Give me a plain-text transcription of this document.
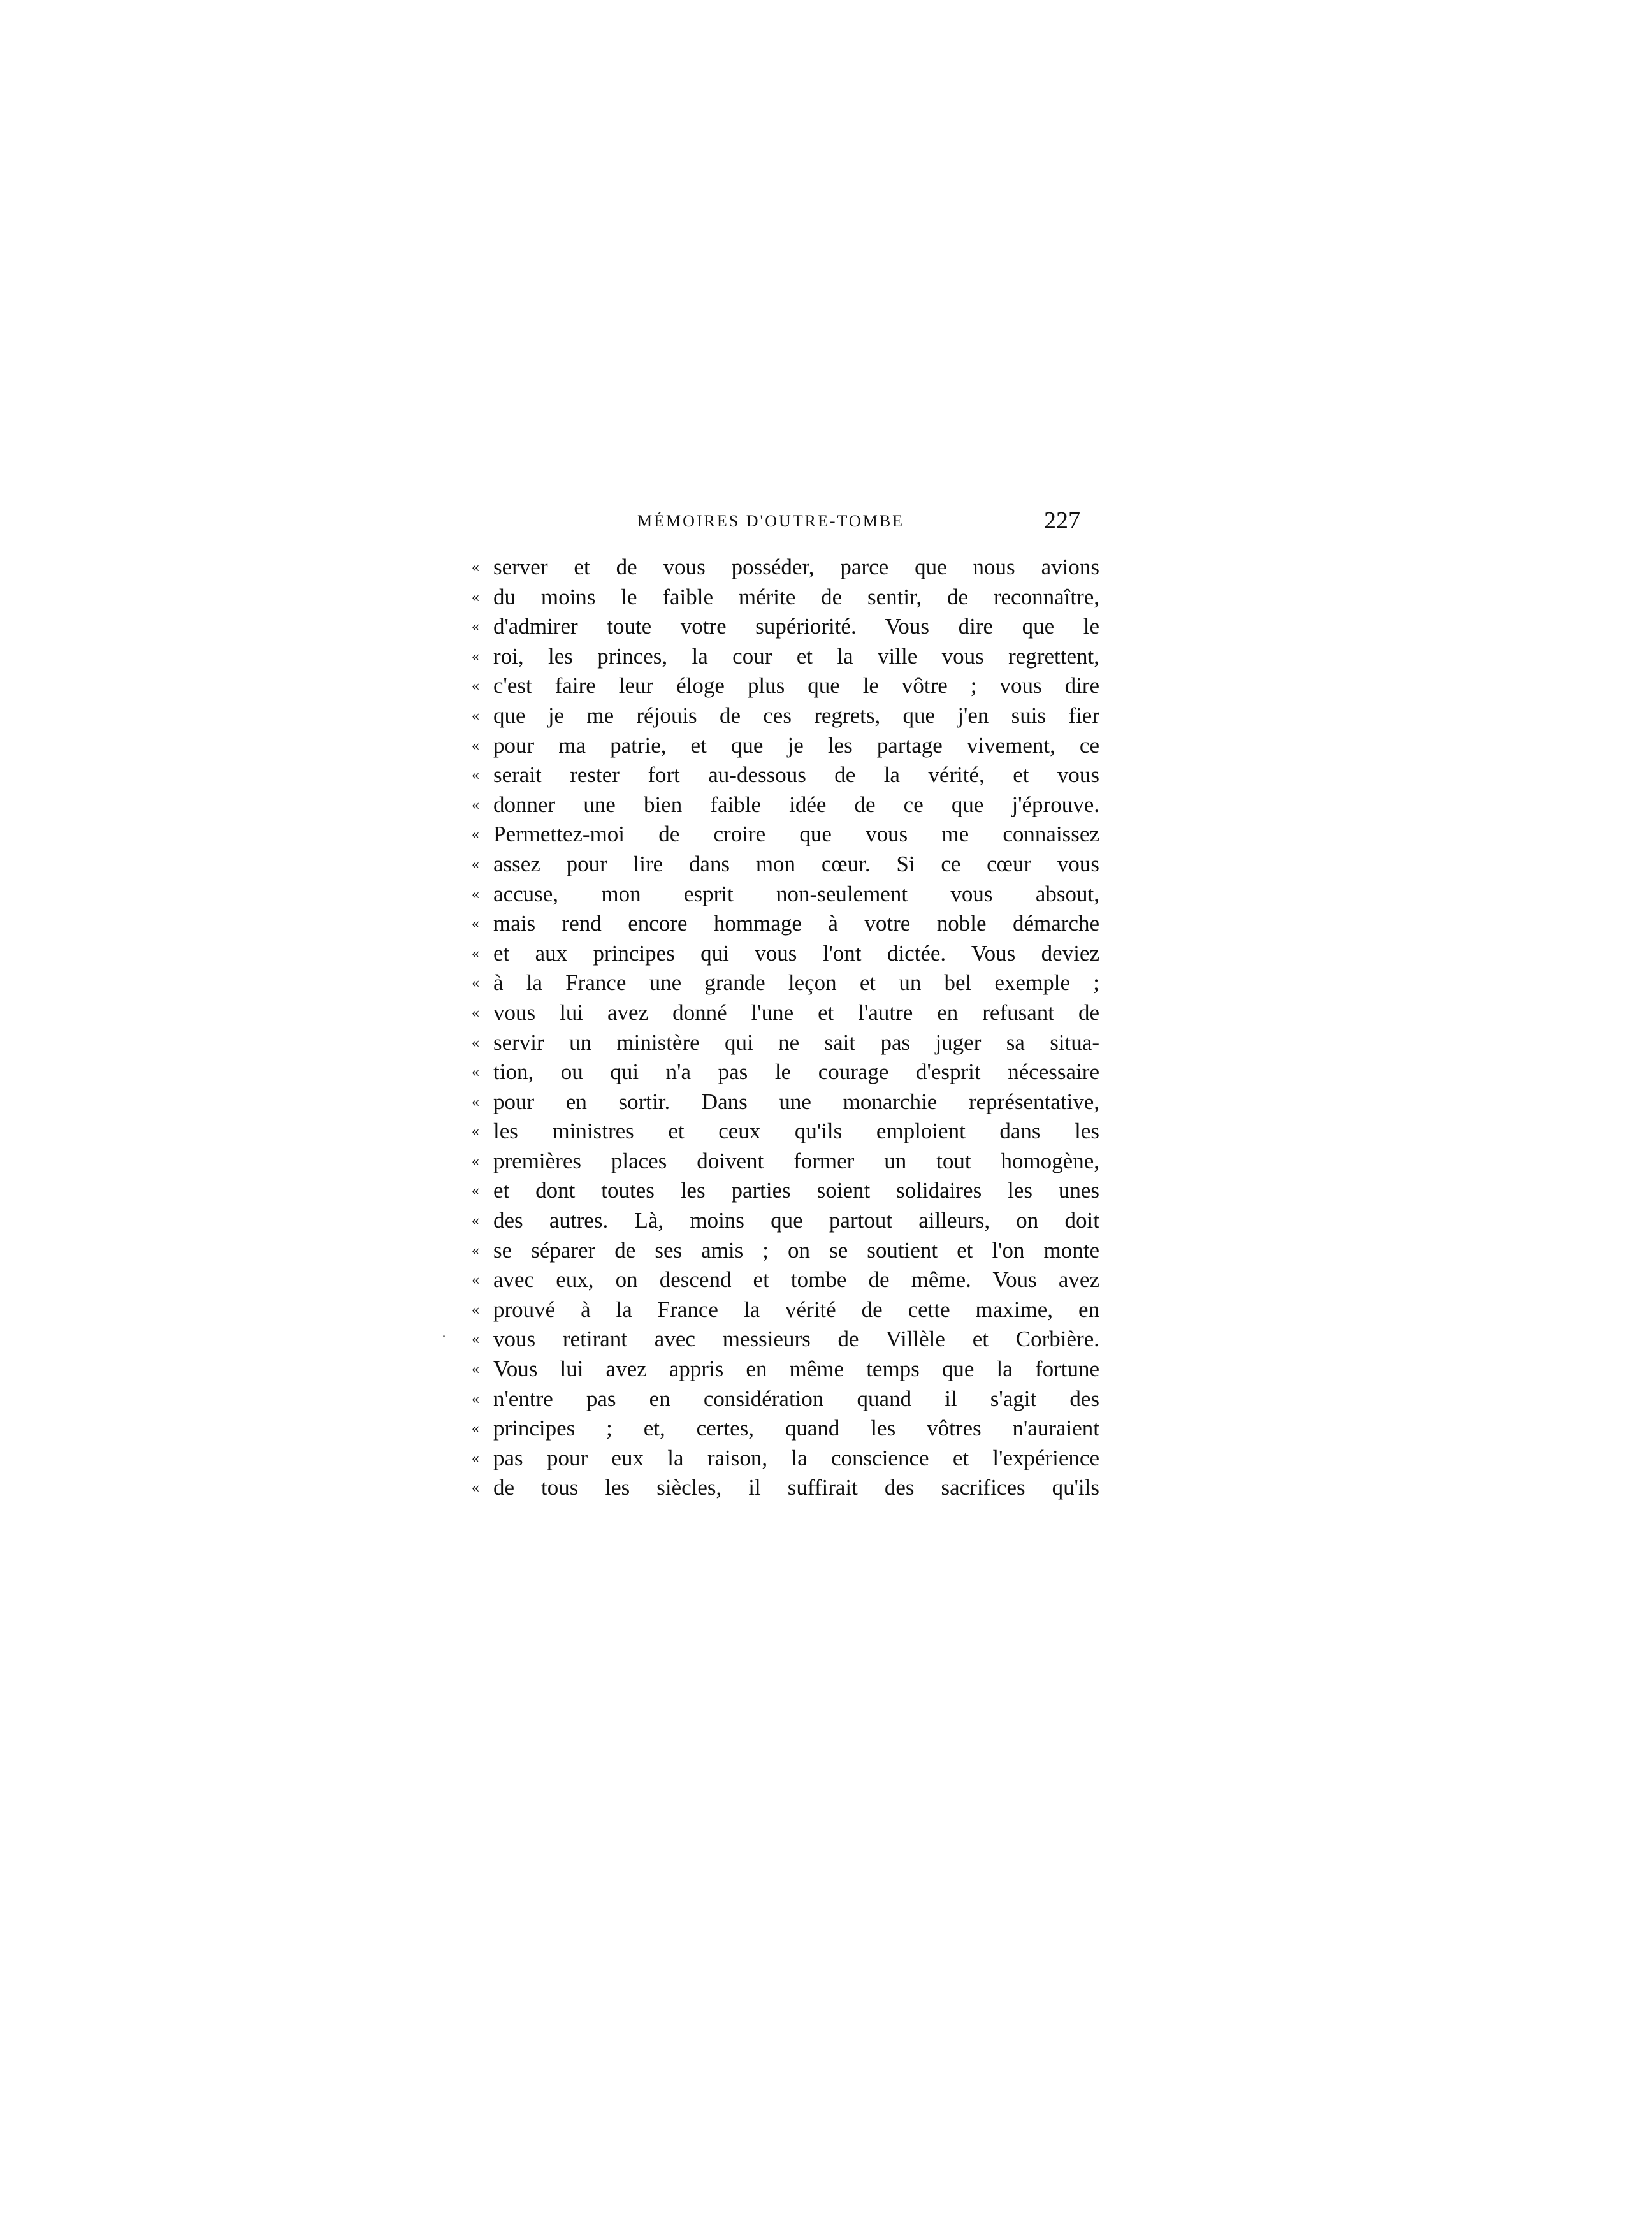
MÉMOIRES D'OUTRE-TOMBE	227
« server et de vous posséder, parce que nous avions
« du moins le faible mérite de sentir, de reconnaître,
« d'admirer toute votre supériorité. Vous dire que le
« roi, les princes, la cour et la ville vous regrettent,
« c'est faire leur éloge plus que le vôtre ; vous dire
« que je me réjouis de ces regrets, que j'en suis fier
« pour ma patrie, et que je les partage vivement, ce
« serait rester fort au-dessous de la vérité, et vous
« donner une bien faible idée de ce que j'éprouve.
« Permettez-moi de croire que vous me connaissez
« assez pour lire dans mon cœur. Si ce cœur vous
« accuse, mon esprit non-seulement vous absout,
« mais rend encore hommage à votre noble démarche
« et aux principes qui vous l'ont dictée. Vous deviez
« à la France une grande leçon et un bel exemple ;
« vous lui avez donné l'une et l'autre en refusant de
« servir un ministère qui ne sait pas juger sa situa-
« tion, ou qui n'a pas le courage d'esprit nécessaire
« pour en sortir. Dans une monarchie représentative,
« les ministres et ceux qu'ils emploient dans les
« premières places doivent former un tout homogène,
« et dont toutes les parties soient solidaires les unes
« des autres. Là, moins que partout ailleurs, on doit
« se séparer de ses amis ; on se soutient et l'on monte
« avec eux, on descend et tombe de même. Vous avez
« prouvé à la France la vérité de cette maxime, en
« vous retirant avec messieurs de Villèle et Corbière.
« Vous lui avez appris en même temps que la fortune
« n'entre pas en considération quand il s'agit des
« principes ; et, certes, quand les vôtres n'auraient
« pas pour eux la raison, la conscience et l'expérience
« de tous les siècles, il suffirait des sacrifices qu'ils
